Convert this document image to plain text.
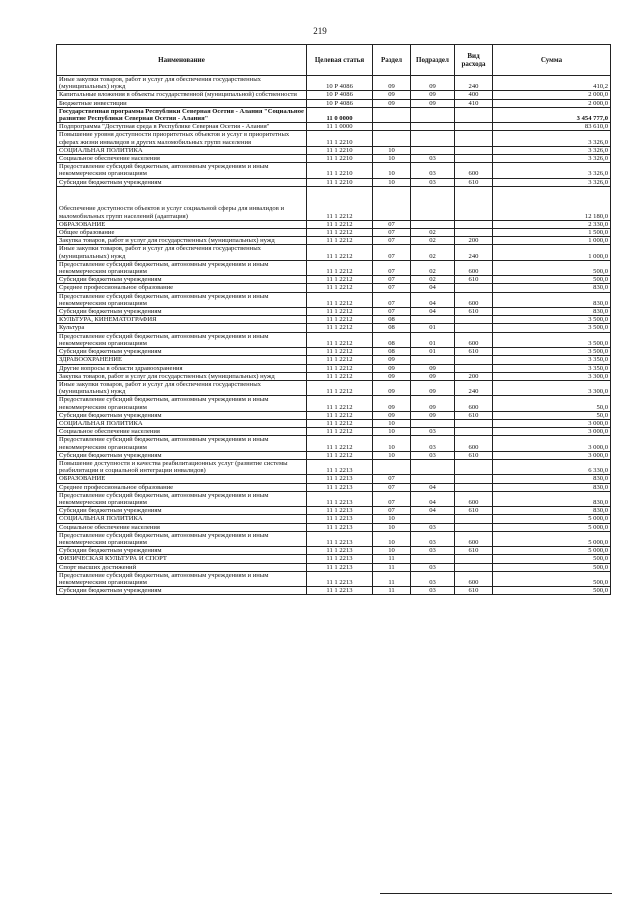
219
Наименование	Целевая статья	Раздел	Подраздел	Вид расхода	Сумма
Иные закупки товаров, работ и услуг для обеспечения государственных (муниципальных) нужд	10 Р 4086	09	09	240	410,2
Капитальные вложения в объекты государственной (муниципальной) собственности	10 Р 4086	09	09	400	2 000,0
Бюджетные инвестиции	10 Р 4086	09	09	410	2 000,0
Государственная программа Республики Северная Осетия - Алания "Социальное развитие Республики Северная Осетия - Алания"	11 0 0000				3 454 777,0
Подпрограмма "Доступная среда в Республике Северная Осетия - Алания"	11 1 0000				83 610,0
Повышение уровня доступности приоритетных объектов и услуг в приоритетных сферах жизни инвалидов и других маломобильных групп населения	11 1 2210				3 326,0
СОЦИАЛЬНАЯ ПОЛИТИКА	11 1 2210	10			3 326,0
Социальное обеспечение населения	11 1 2210	10	03		3 326,0
Предоставление субсидий бюджетным, автономным учреждениям и иным некоммерческим организациям	11 1 2210	10	03	600	3 326,0
Субсидии бюджетным учреждениям	11 1 2210	10	03	610	3 326,0
Обеспечение доступности объектов и услуг социальной сферы для инвалидов и маломобильных групп населений (адаптация)	11 1 2212				12 180,0
ОБРАЗОВАНИЕ	11 1 2212	07			2 330,0
Общее образование	11 1 2212	07	02		1 500,0
Закупка товаров, работ и услуг для государственных (муниципальных) нужд	11 1 2212	07	02	200	1 000,0
Иные закупки товаров, работ и услуг для обеспечения государственных (муниципальных) нужд	11 1 2212	07	02	240	1 000,0
Предоставление субсидий бюджетным, автономным учреждениям и иным некоммерческим организациям	11 1 2212	07	02	600	500,0
Субсидии бюджетным учреждениям	11 1 2212	07	02	610	500,0
Среднее профессиональное образование	11 1 2212	07	04		830,0
Предоставление субсидий бюджетным, автономным учреждениям и иным некоммерческим организациям	11 1 2212	07	04	600	830,0
Субсидии бюджетным учреждениям	11 1 2212	07	04	610	830,0
КУЛЬТУРА, КИНЕМАТОГРАФИЯ	11 1 2212	08			3 500,0
Культура	11 1 2212	08	01		3 500,0
Предоставление субсидий бюджетным, автономным учреждениям и иным некоммерческим организациям	11 1 2212	08	01	600	3 500,0
Субсидии бюджетным учреждениям	11 1 2212	08	01	610	3 500,0
ЗДРАВООХРАНЕНИЕ	11 1 2212	09			3 350,0
Другие вопросы в области здравоохранения	11 1 2212	09	09		3 350,0
Закупка товаров, работ и услуг для государственных (муниципальных) нужд	11 1 2212	09	09	200	3 300,0
Иные закупки товаров, работ и услуг для обеспечения государственных (муниципальных) нужд	11 1 2212	09	09	240	3 300,0
Предоставление субсидий бюджетным, автономным учреждениям и иным некоммерческим организациям	11 1 2212	09	09	600	50,0
Субсидии бюджетным учреждениям	11 1 2212	09	09	610	50,0
СОЦИАЛЬНАЯ ПОЛИТИКА	11 1 2212	10			3 000,0
Социальное обеспечение населения	11 1 2212	10	03		3 000,0
Предоставление субсидий бюджетным, автономным учреждениям и иным некоммерческим организациям	11 1 2212	10	03	600	3 000,0
Субсидии бюджетным учреждениям	11 1 2212	10	03	610	3 000,0
Повышение доступности и качества реабилитационных услуг (развитие системы реабилитации и социальной интеграции инвалидов)	11 1 2213				6 330,0
ОБРАЗОВАНИЕ	11 1 2213	07			830,0
Среднее профессиональное образование	11 1 2213	07	04		830,0
Предоставление субсидий бюджетным, автономным учреждениям и иным некоммерческим организациям	11 1 2213	07	04	600	830,0
Субсидии бюджетным учреждениям	11 1 2213	07	04	610	830,0
СОЦИАЛЬНАЯ ПОЛИТИКА	11 1 2213	10			5 000,0
Социальное обеспечение населения	11 1 2213	10	03		5 000,0
Предоставление субсидий бюджетным, автономным учреждениям и иным некоммерческим организациям	11 1 2213	10	03	600	5 000,0
Субсидии бюджетным учреждениям	11 1 2213	10	03	610	5 000,0
ФИЗИЧЕСКАЯ КУЛЬТУРА И СПОРТ	11 1 2213	11			500,0
Спорт высших достижений	11 1 2213	11	03		500,0
Предоставление субсидий бюджетным, автономным учреждениям и иным некоммерческим организациям	11 1 2213	11	03	600	500,0
Субсидии бюджетным учреждениям	11 1 2213	11	03	610	500,0
